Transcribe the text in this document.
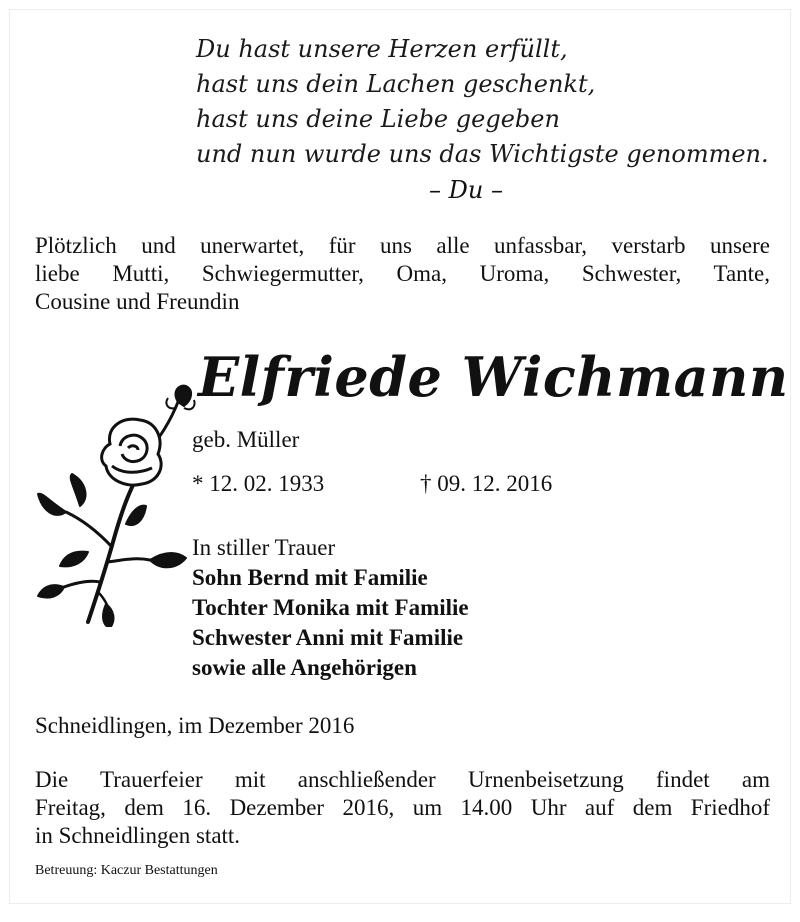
Du hast unsere Herzen erfüllt,
hast uns dein Lachen geschenkt,
hast uns deine Liebe gegeben
und nun wurde uns das Wichtigste genommen.
– Du –
Plötzlich und unerwartet, für uns alle unfassbar, verstarb unsere
liebe Mutti, Schwiegermutter, Oma, Uroma, Schwester, Tante,
Cousine und Freundin
Elfriede Wichmann
geb. Müller
* 12. 02. 1933	† 09. 12. 2016
In stiller Trauer
Sohn Bernd mit Familie
Tochter Monika mit Familie
Schwester Anni mit Familie
sowie alle Angehörigen
Schneidlingen, im Dezember 2016
Die Trauerfeier mit anschließender Urnenbeisetzung findet am
Freitag, dem 16. Dezember 2016, um 14.00 Uhr auf dem Friedhof
in Schneidlingen statt.
Betreuung: Kaczur Bestattungen
